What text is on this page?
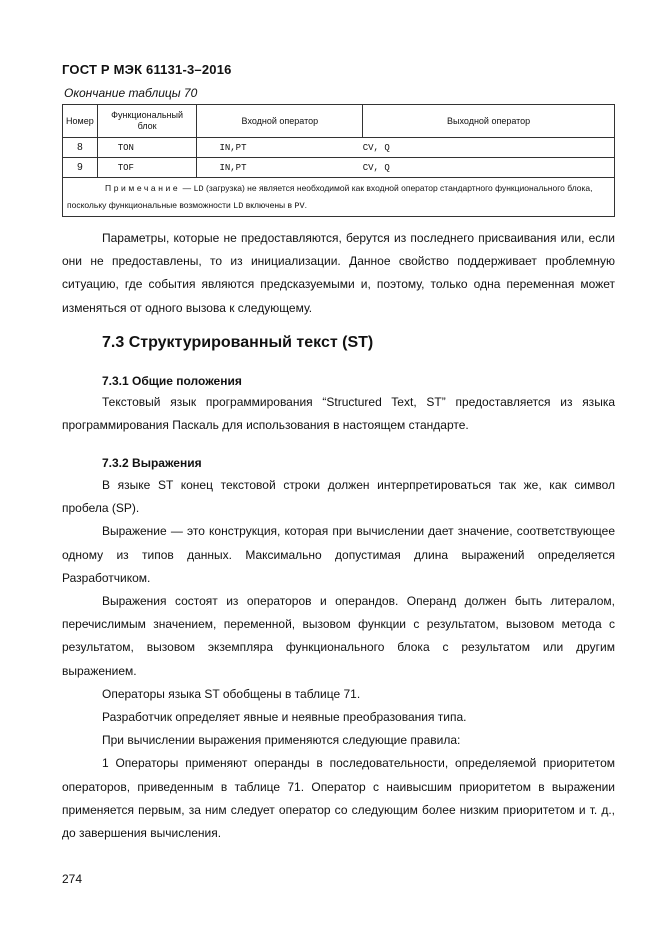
ГОСТ Р МЭК 61131-3–2016
Окончание таблицы 70
Номер	Функциональный блок	Входной оператор	Выходной оператор
8	TON	IN,PT	CV, Q
9	TOF	IN,PT	CV, Q
Примечание — LD (загрузка) не является необходимой как входной оператор стандартного функционального блока, поскольку функциональные возможности LD включены в PV.			

Параметры, которые не предоставляются, берутся из последнего присваивания или, если они не предоставлены, то из инициализации. Данное свойство поддерживает проблемную ситуацию, где события являются предсказуемыми и, поэтому, только одна переменная может изменяться от одного вызова к следующему.

7.3 Структурированный текст (ST)
7.3.1 Общие положения

Текстовый язык программирования “Structured Text, ST” предоставляется из языка программирования Паскаль для использования в настоящем стандарте.

7.3.2 Выражения

В языке ST конец текстовой строки должен интерпретироваться так же, как символ пробела (SP).

Выражение — это конструкция, которая при вычислении дает значение, соответствующее одному из типов данных. Максимально допустимая длина выражений определяется Разработчиком.

Выражения состоят из операторов и операндов. Операнд должен быть литералом, перечислимым значением, переменной, вызовом функции с результатом, вызовом метода с результатом, вызовом экземпляра функционального блока с результатом или другим выражением.

Операторы языка ST обобщены в таблице 71.

Разработчик определяет явные и неявные преобразования типа.

При вычислении выражения применяются следующие правила:

1 Операторы применяют операнды в последовательности, определяемой приоритетом операторов, приведенным в таблице 71. Оператор с наивысшим приоритетом в выражении применяется первым, за ним следует оператор со следующим более низким приоритетом и т. д., до завершения вычисления.

274
